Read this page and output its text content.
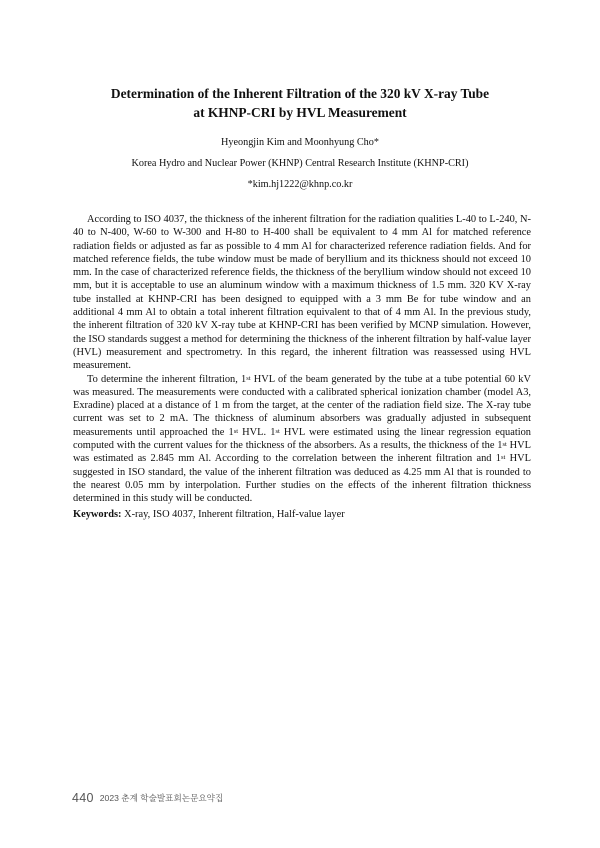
Determination of the Inherent Filtration of the 320 kV X-ray Tube
at KHNP-CRI by HVL Measurement
Hyeongjin Kim and Moonhyung Cho*
Korea Hydro and Nuclear Power (KHNP) Central Research Institute (KHNP-CRI)
*kim.hj1222@khnp.co.kr

According to ISO 4037, the thickness of the inherent filtration for the radiation qualities L-40 to L-240, N-40 to N-400, W-60 to W-300 and H-80 to H-400 shall be equivalent to 4 mm Al for matched reference radiation fields or adjusted as far as possible to 4 mm Al for characterized reference radiation fields. And for matched reference fields, the tube window must be made of beryllium and its thickness should not exceed 10 mm. In the case of characterized reference fields, the thickness of the beryllium window should not exceed 10 mm, but it is acceptable to use an aluminum window with a maximum thickness of 1.5 mm. 320 KV X-ray tube installed at KHNP-CRI has been designed to equipped with a 3 mm Be for tube window and an additional 4 mm Al to obtain a total inherent filtration equivalent to that of 4 mm Al. In the previous study, the inherent filtration of 320 kV X-ray tube at KHNP-CRI has been verified by MCNP simulation. However, the ISO standards suggest a method for determining the thickness of the inherent filtration by half-value layer (HVL) measurement and spectrometry. In this regard, the inherent filtration was reassessed using HVL measurement.

To determine the inherent filtration, 1st HVL of the beam generated by the tube at a tube potential 60 kV was measured. The measurements were conducted with a calibrated spherical ionization chamber (model A3, Exradine) placed at a distance of 1 m from the target, at the center of the radiation field size. The X-ray tube current was set to 2 mA. The thickness of aluminum absorbers was gradually adjusted in subsequent measurements until approached the 1st HVL. 1st HVL were estimated using the linear regression equation computed with the current values for the thickness of the absorbers. As a results, the thickness of the 1st HVL was estimated as 2.845 mm Al. According to the correlation between the inherent filtration and 1st HVL suggested in ISO standard, the value of the inherent filtration was deduced as 4.25 mm Al that is rounded to the nearest 0.05 mm by interpolation. Further studies on the effects of the inherent filtration thickness determined in this study will be conducted.

Keywords: X-ray, ISO 4037, Inherent filtration, Half-value layer
440 2023 춘계 학술발표회논문요약집
